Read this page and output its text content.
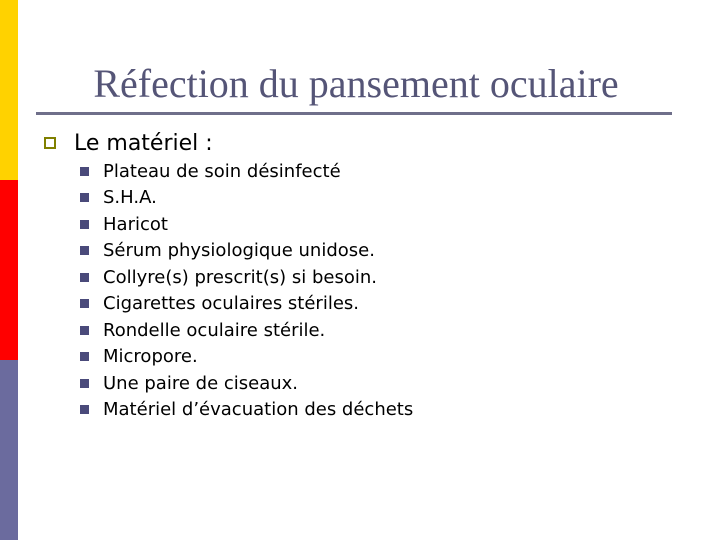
Réfection du pansement oculaire
Le matériel :
Plateau de soin désinfecté
S.H.A.
Haricot
Sérum physiologique unidose.
Collyre(s) prescrit(s) si besoin.
Cigarettes oculaires stériles.
Rondelle oculaire stérile.
Micropore.
Une paire de ciseaux.
Matériel d’évacuation des déchets
